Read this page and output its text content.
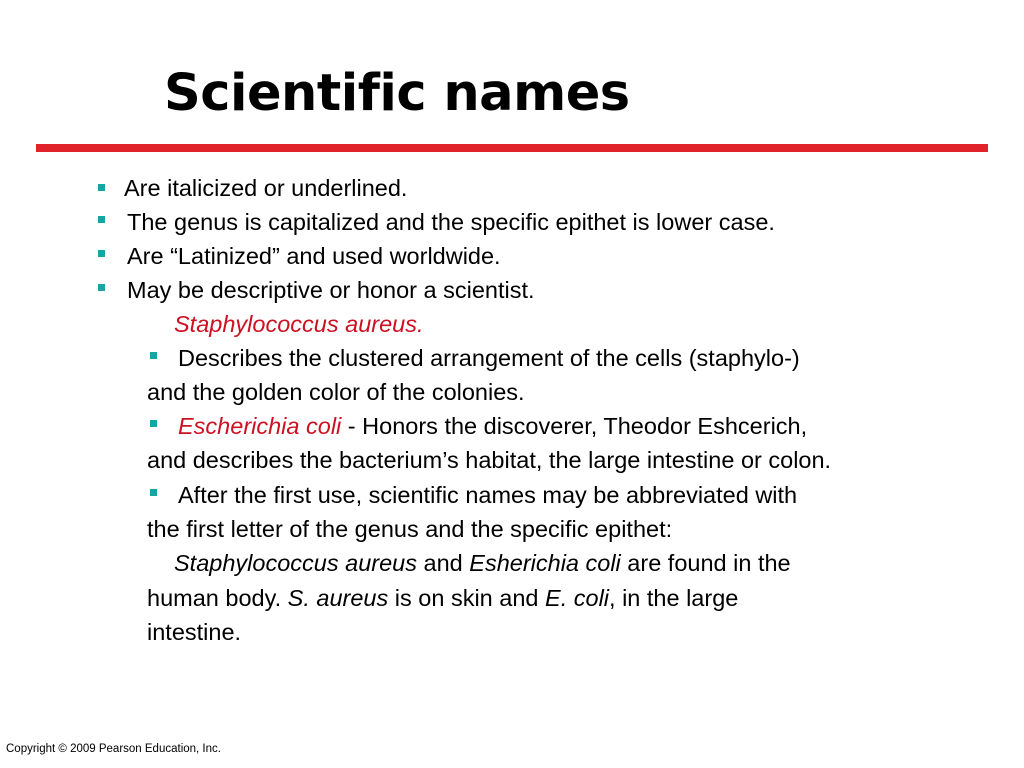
Scientific names
Are italicized or underlined.
The genus is capitalized and the specific epithet is lower case.
Are “Latinized” and used worldwide.
May be descriptive or honor a scientist.
Staphylococcus aureus.
Describes the clustered arrangement of the cells (staphylo-)
and the golden color of the colonies.
Escherichia coli - Honors the discoverer, Theodor Eshcerich,
and describes the bacterium’s habitat, the large intestine or colon.
After the first use, scientific names may be abbreviated with
the first letter of the genus and the specific epithet:
Staphylococcus aureus and Esherichia coli are found in the
human body. S. aureus is on skin and E. coli, in the large
intestine.
Copyright © 2009 Pearson Education, Inc.
